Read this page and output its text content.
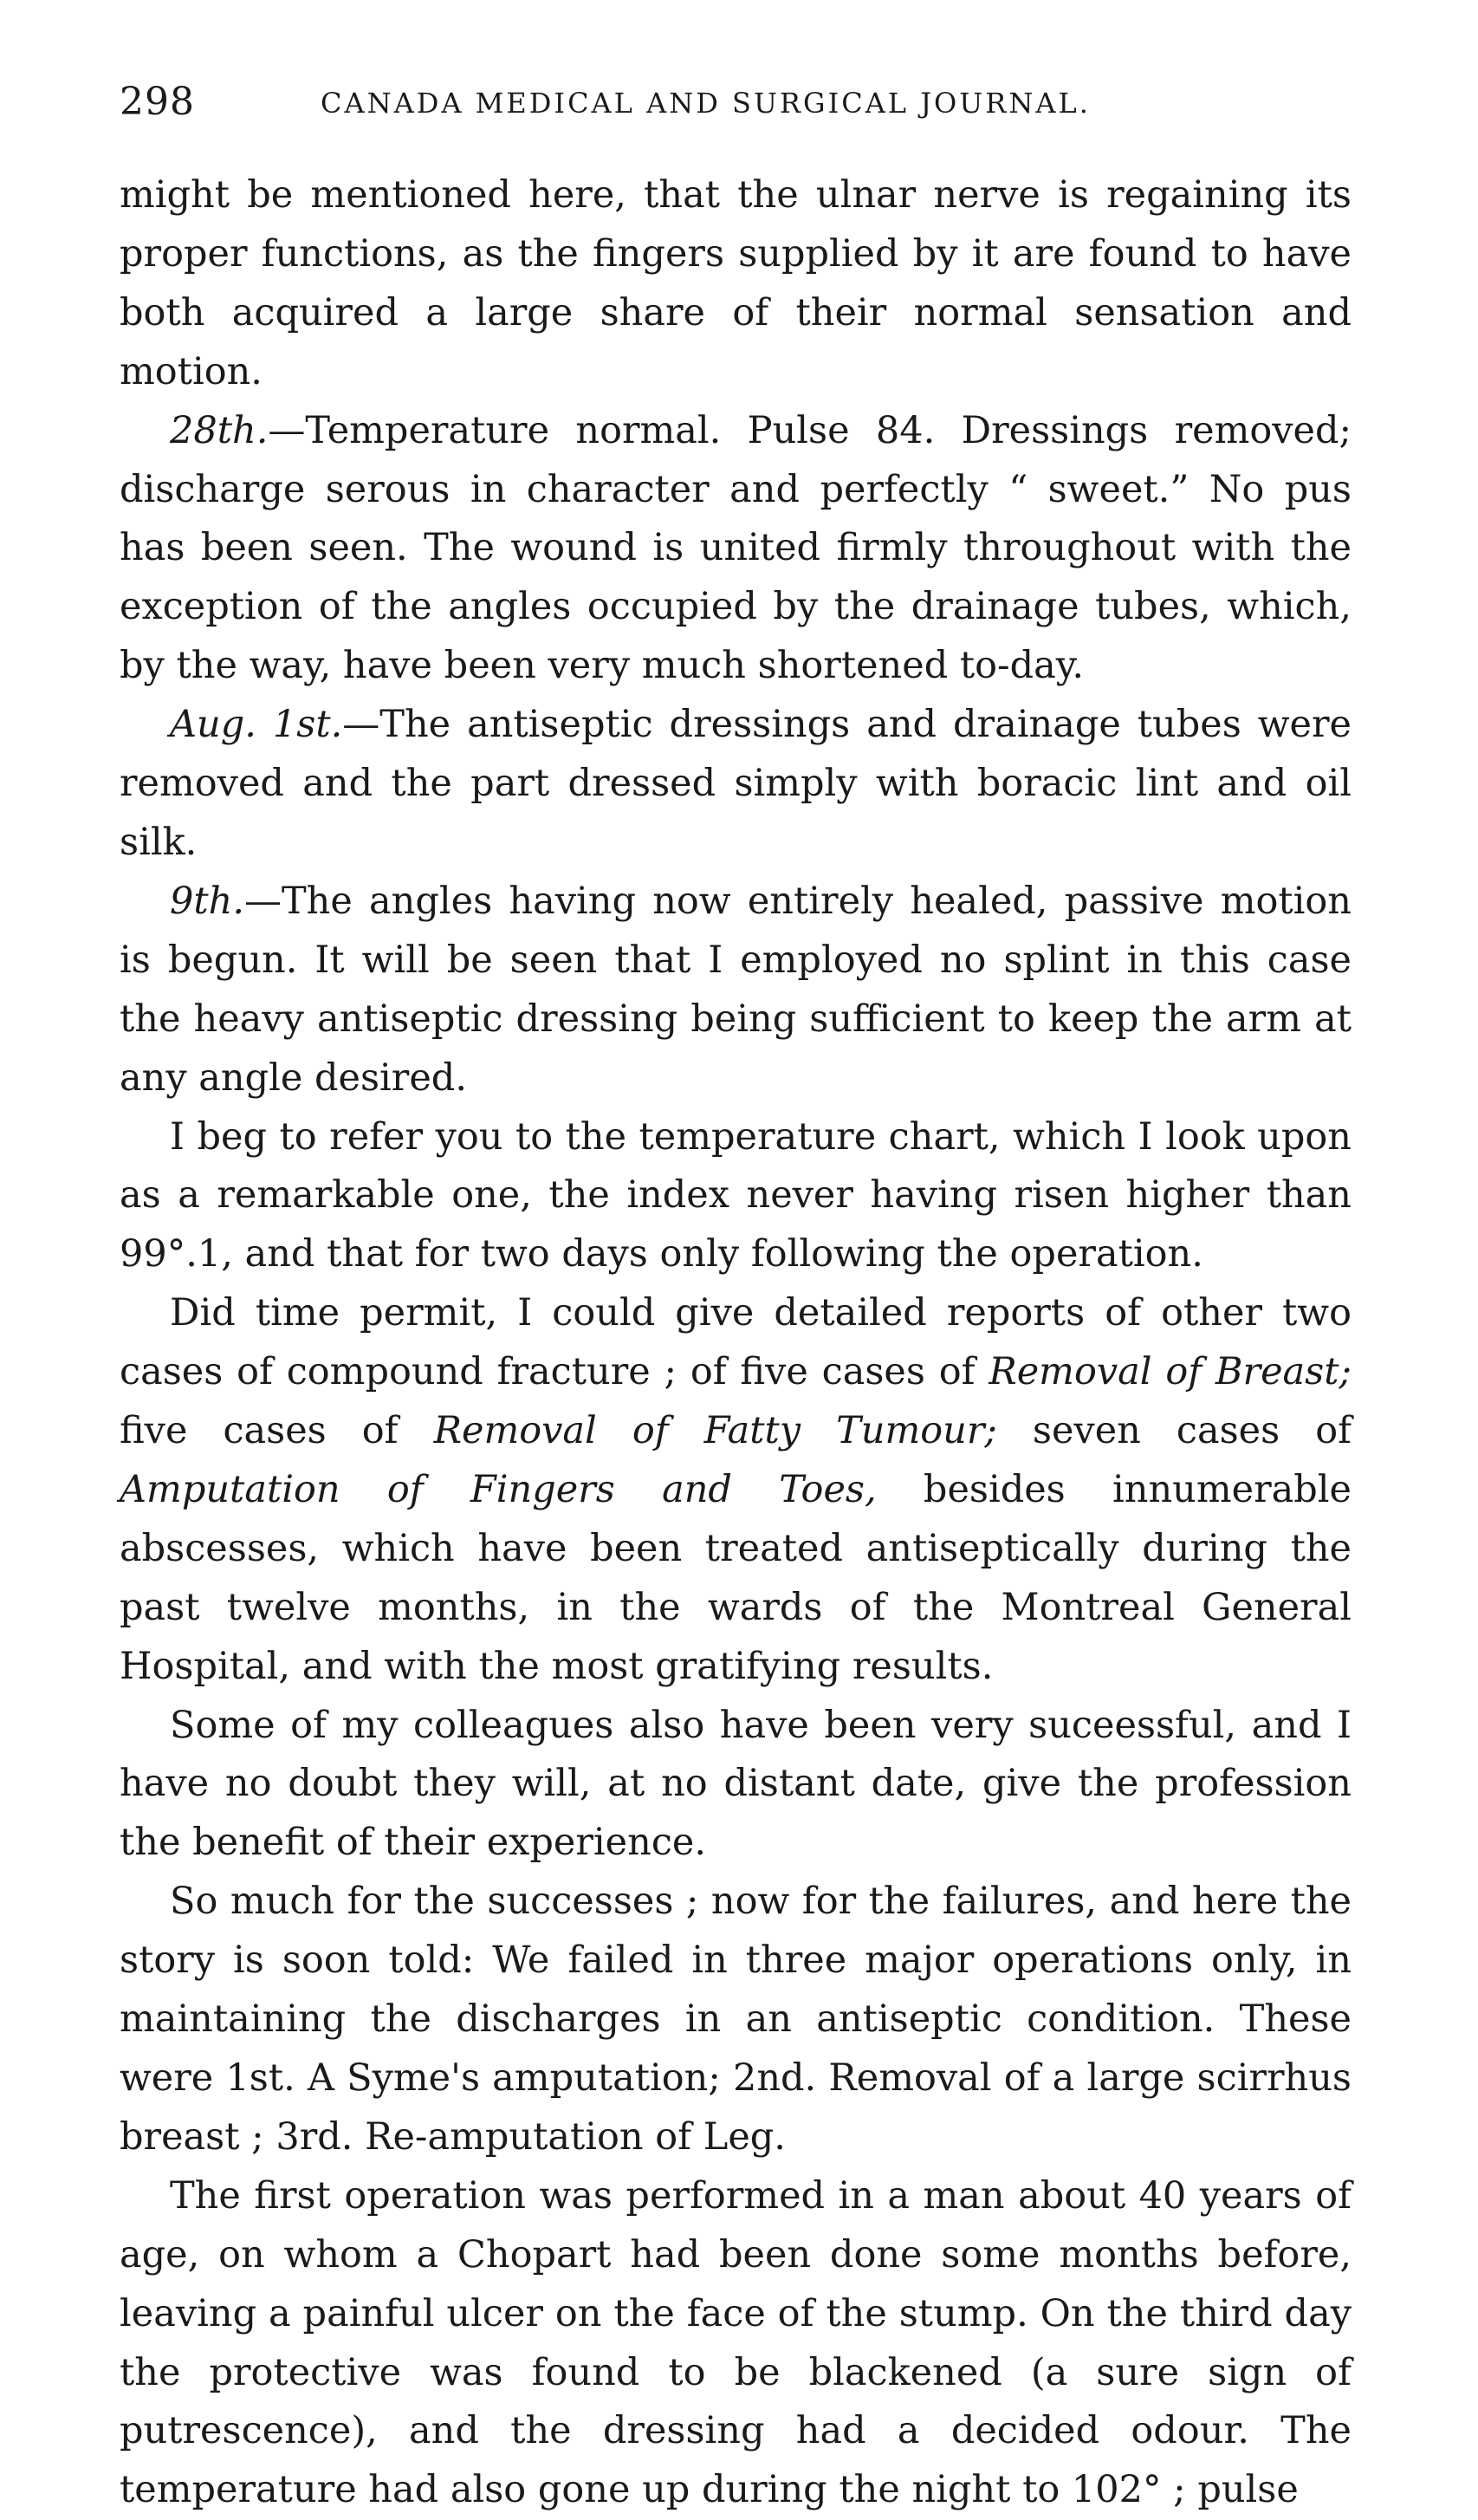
298	CANADA MEDICAL AND SURGICAL JOURNAL.

might be mentioned here, that the ulnar nerve is regaining its proper functions, as the fingers supplied by it are found to have both acquired a large share of their normal sensation and motion.

28th.—Temperature normal. Pulse 84. Dressings removed; discharge serous in character and perfectly “ sweet.” No pus has been seen. The wound is united firmly throughout with the exception of the angles occupied by the drainage tubes, which, by the way, have been very much shortened to-day.

Aug. 1st.—The antiseptic dressings and drainage tubes were removed and the part dressed simply with boracic lint and oil silk.

9th.—The angles having now entirely healed, passive motion is begun. It will be seen that I employed no splint in this case the heavy antiseptic dressing being sufficient to keep the arm at any angle desired.

I beg to refer you to the temperature chart, which I look upon as a remarkable one, the index never having risen higher than 99°.1, and that for two days only following the operation.

Did time permit, I could give detailed reports of other two cases of compound fracture ; of five cases of Removal of Breast; five cases of Removal of Fatty Tumour; seven cases of Amputation of Fingers and Toes, besides innumerable abscesses, which have been treated antiseptically during the past twelve months, in the wards of the Montreal General Hospital, and with the most gratifying results.

Some of my colleagues also have been very suceessful, and I have no doubt they will, at no distant date, give the profession the benefit of their experience.

So much for the successes ; now for the failures, and here the story is soon told: We failed in three major operations only, in maintaining the discharges in an antiseptic condition. These were 1st. A Syme's amputation; 2nd. Removal of a large scirrhus breast ; 3rd. Re-amputation of Leg.

The first operation was performed in a man about 40 years of age, on whom a Chopart had been done some months before, leaving a painful ulcer on the face of the stump. On the third day the protective was found to be blackened (a sure sign of putrescence), and the dressing had a decided odour. The temperature had also gone up during the night to 102° ; pulse
